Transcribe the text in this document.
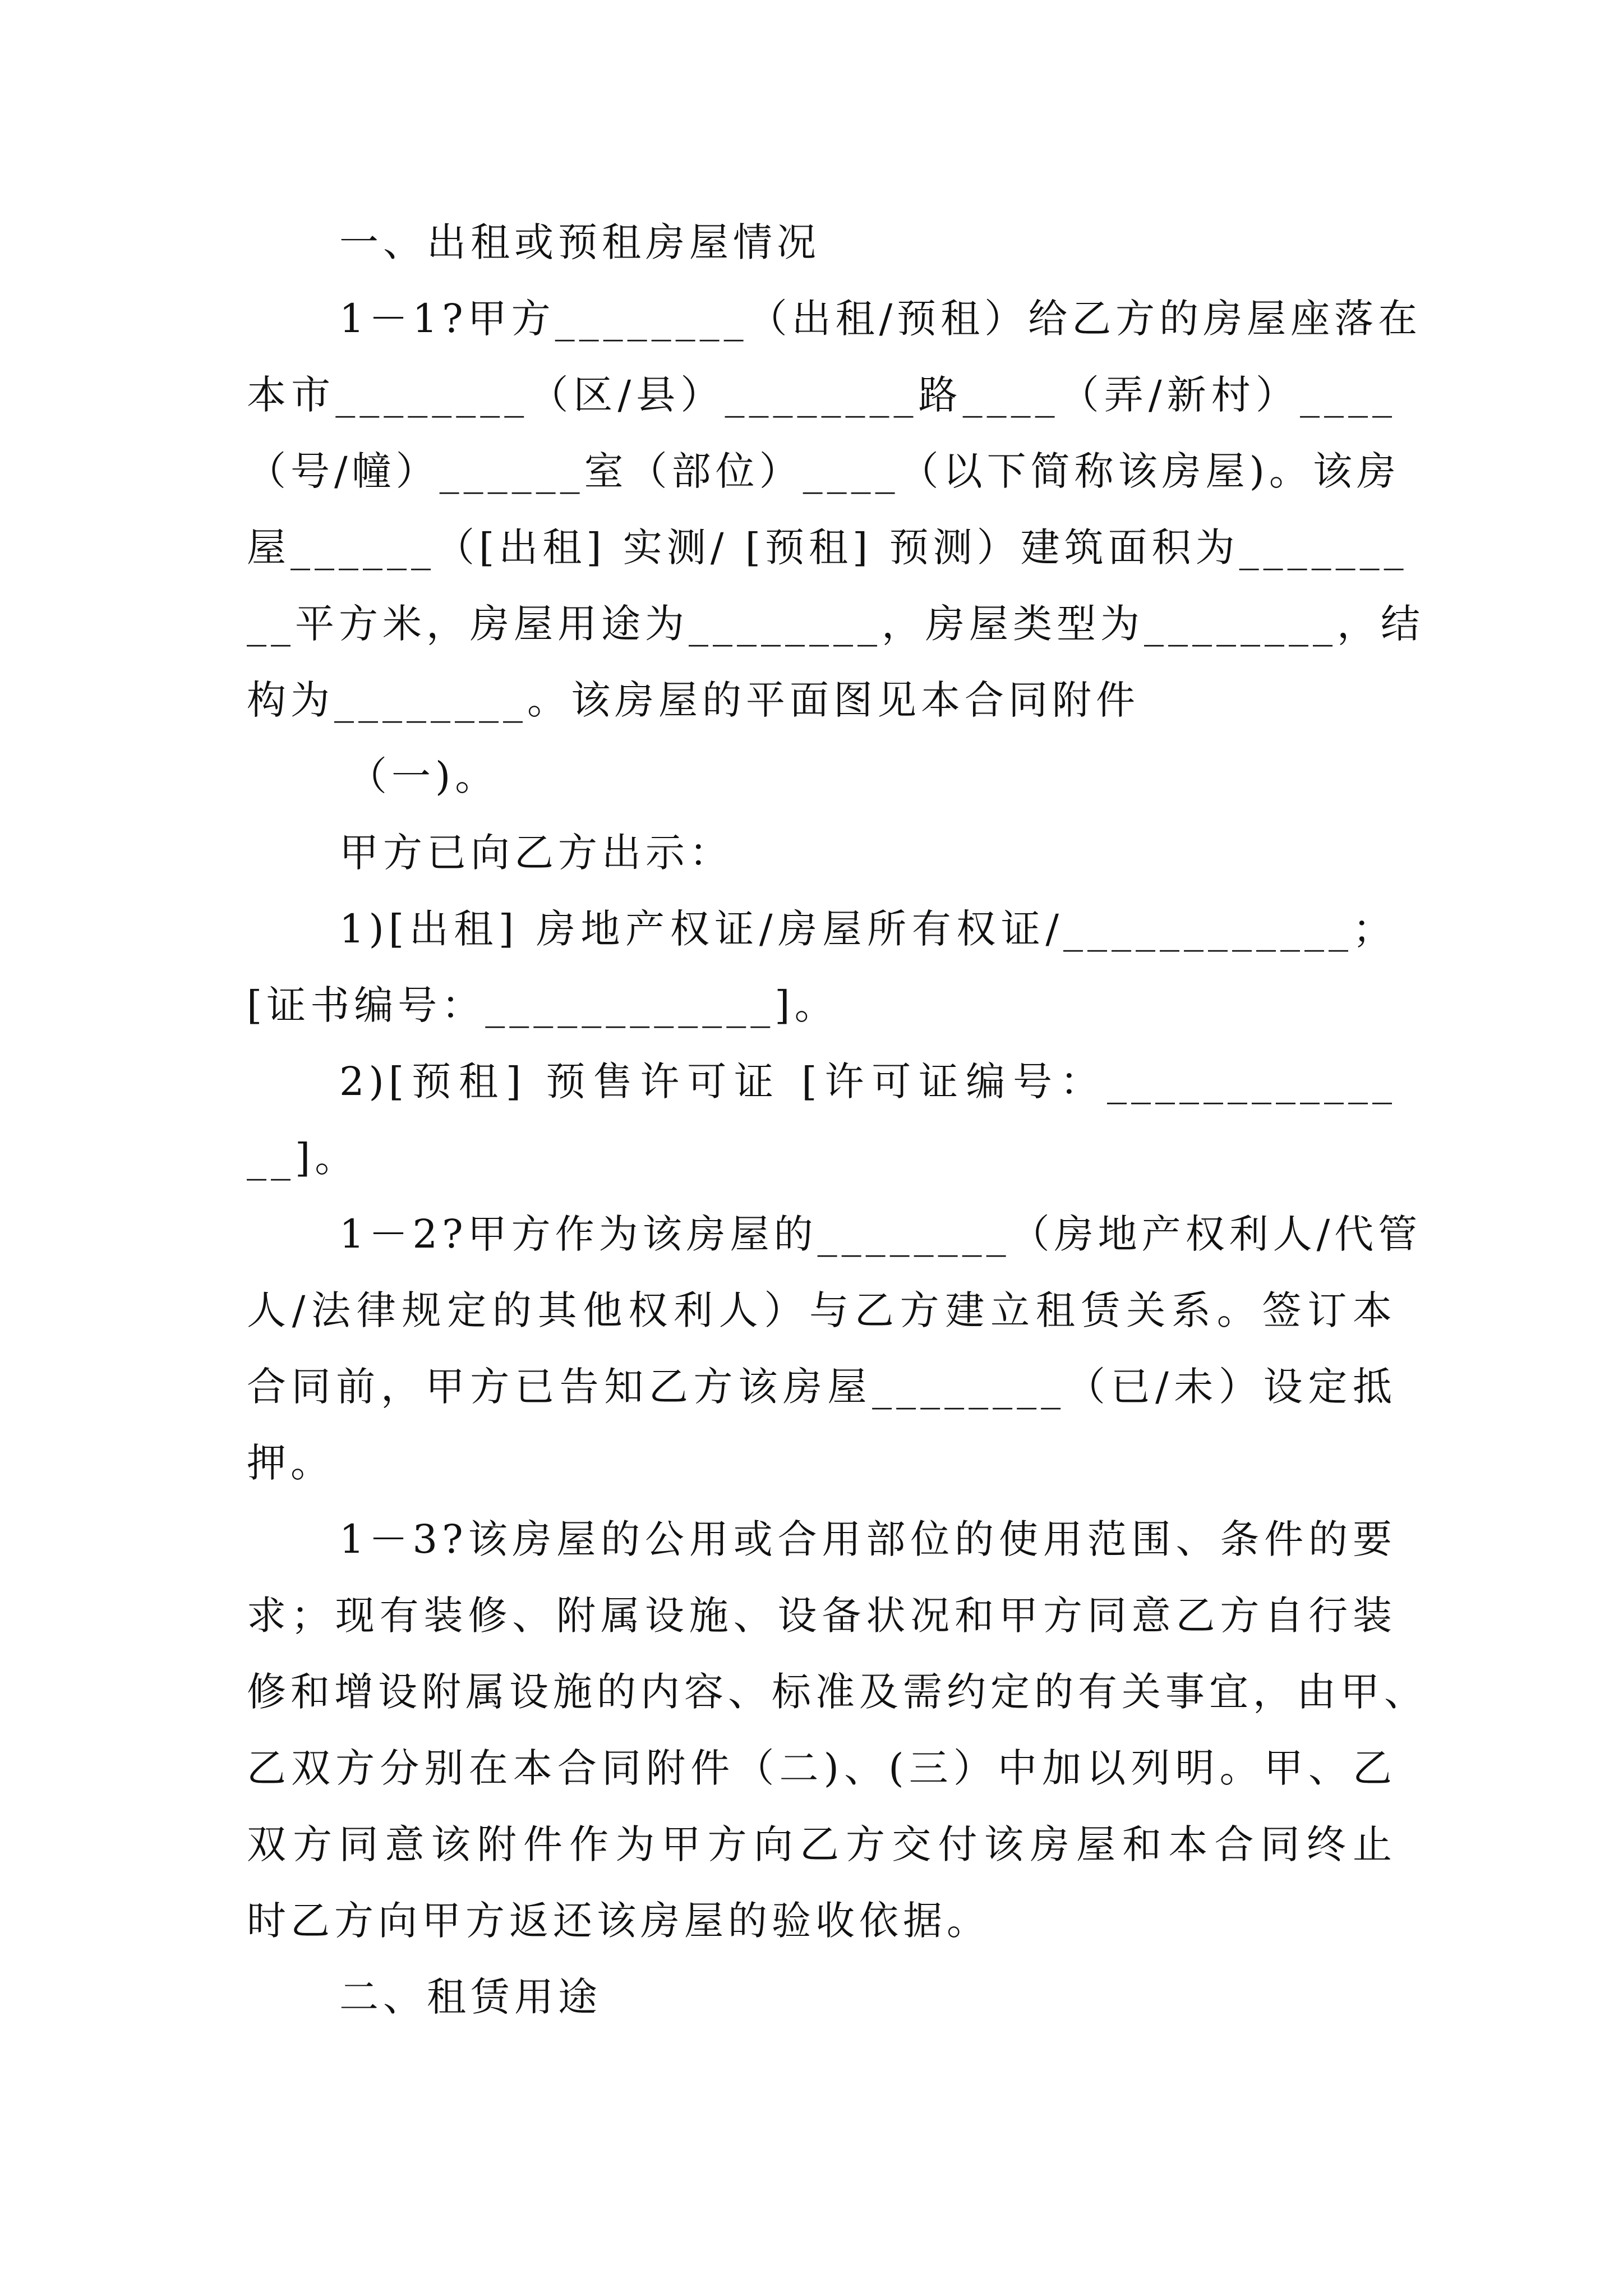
一、出租或预租房屋情况
1－1?甲方________（出租/预租）给乙方的房屋座落在
本市________（区/县）________路____（弄/新村）____
（号/幢）______室（部位）____（以下简称该房屋)。该房
屋______（[出租] 实测/ [预租] 预测）建筑面积为_______
__平方米，房屋用途为________，房屋类型为________，结
构为________。该房屋的平面图见本合同附件
（一)。
甲方已向乙方出示：
1)[出租] 房地产权证/房屋所有权证/____________；
[证书编号：____________]。
2)[预租] 预售许可证 [许可证编号：____________
__]。
1－2?甲方作为该房屋的________（房地产权利人/代管
人/法律规定的其他权利人）与乙方建立租赁关系。签订本
合同前，甲方已告知乙方该房屋________（已/未）设定抵
押。
1－3?该房屋的公用或合用部位的使用范围、条件的要
求；现有装修、附属设施、设备状况和甲方同意乙方自行装
修和增设附属设施的内容、标准及需约定的有关事宜，由甲、
乙双方分别在本合同附件（二)、(三）中加以列明。甲、乙
双方同意该附件作为甲方向乙方交付该房屋和本合同终止
时乙方向甲方返还该房屋的验收依据。
二、租赁用途
